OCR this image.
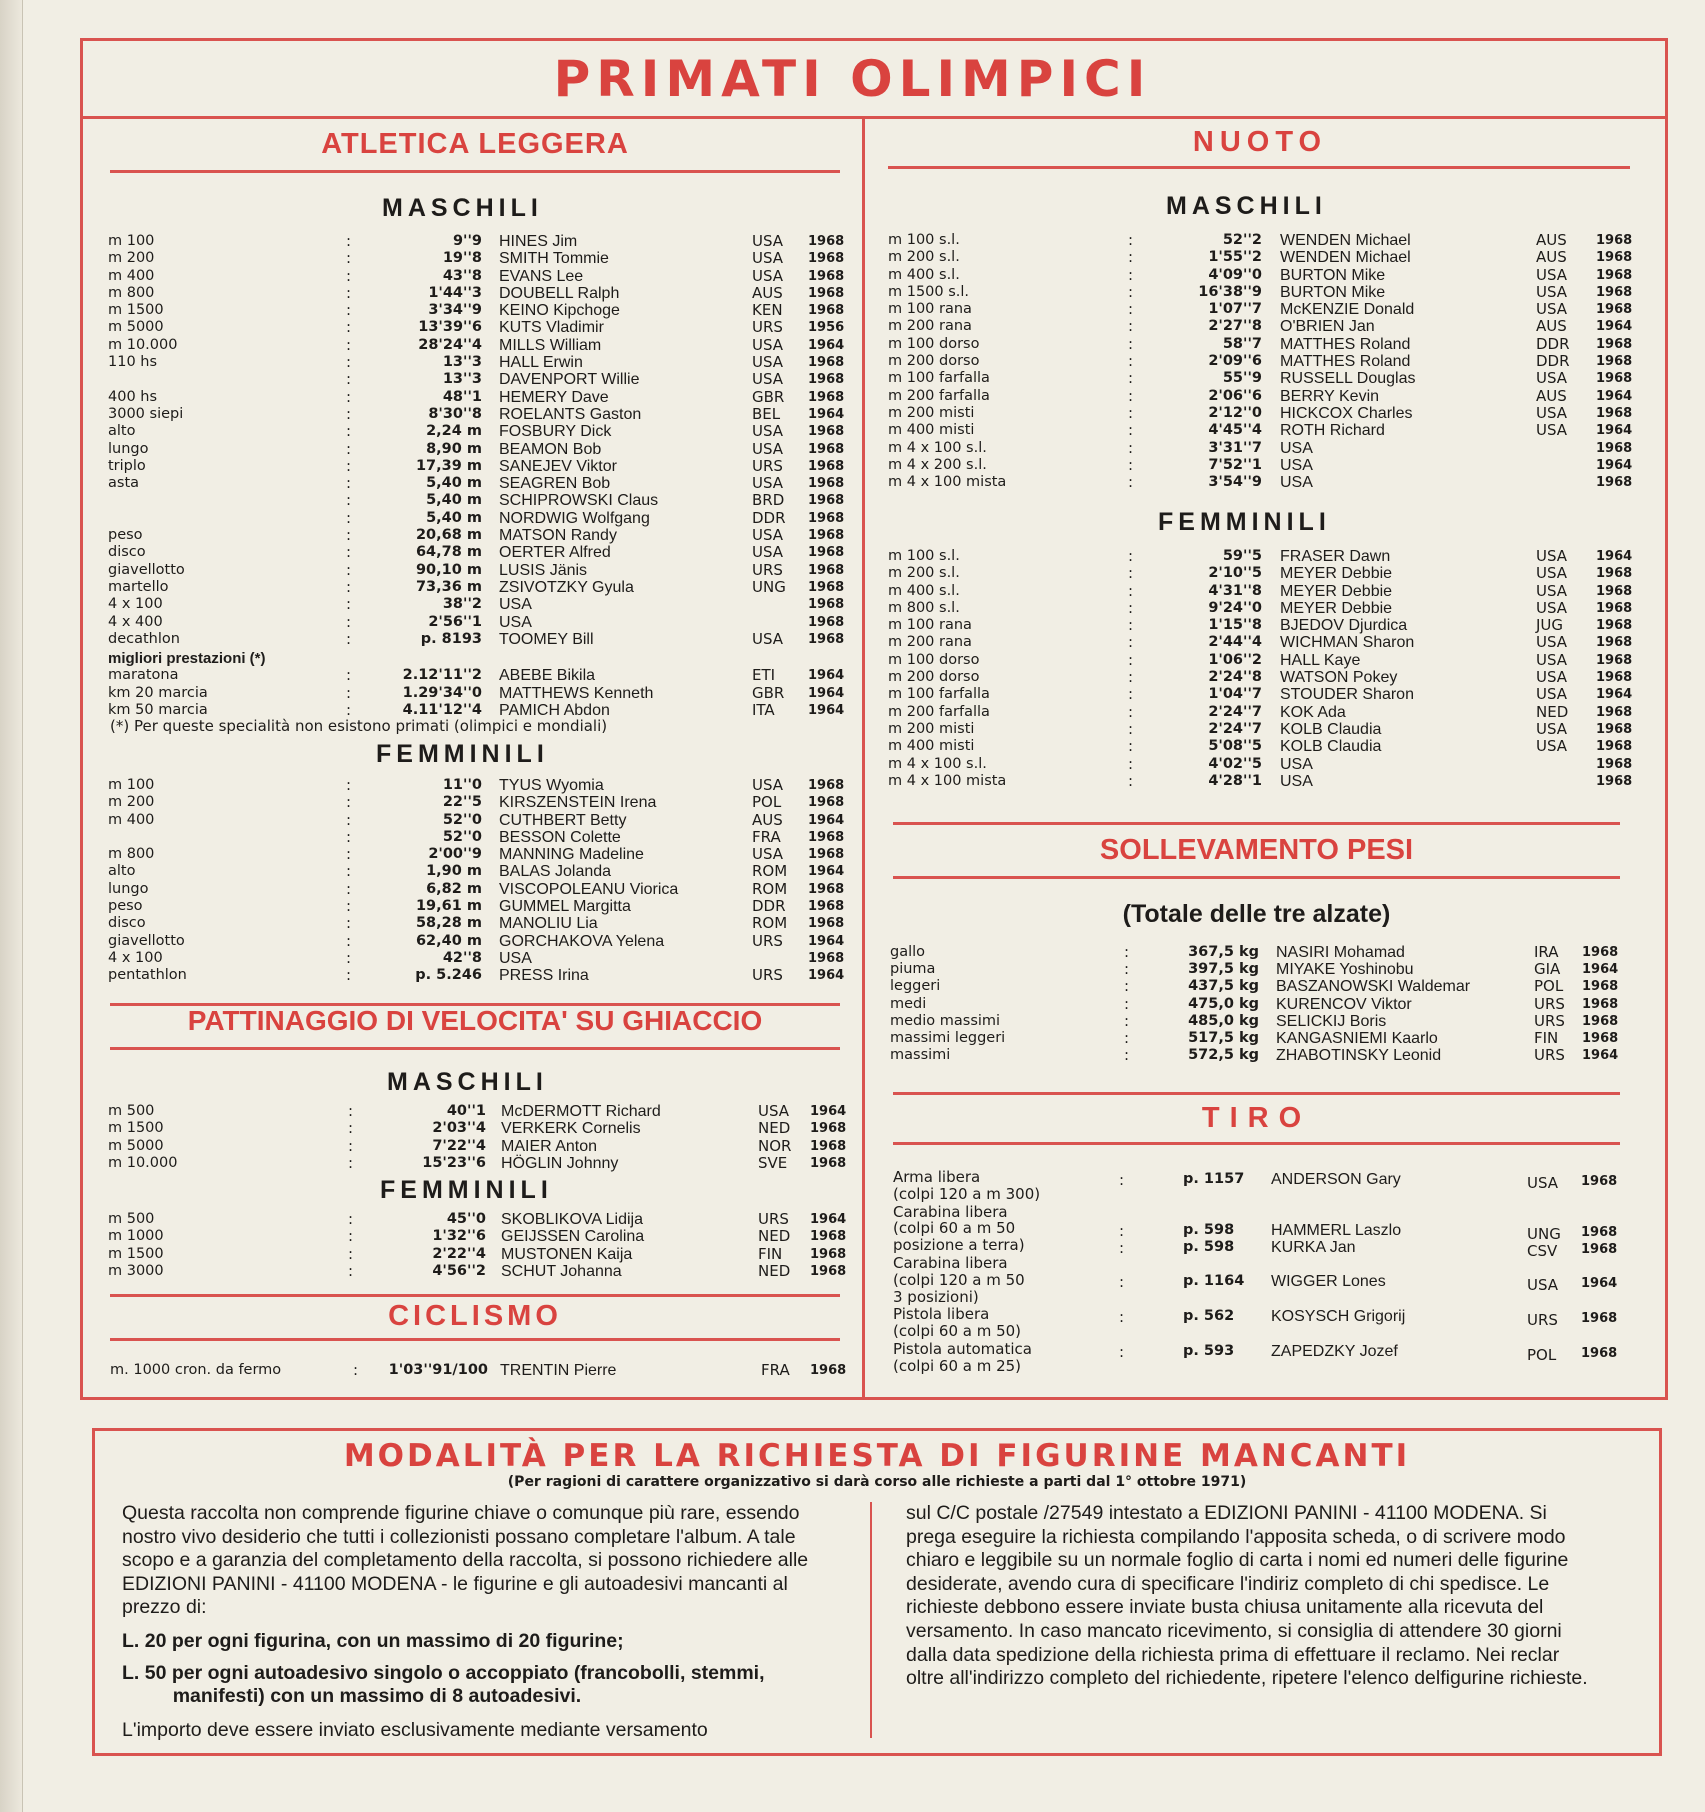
PRIMATI OLIMPICI
ATLETICA LEGGERA
MASCHILI
m 100	:	9''9 HINES Jim	USA 1968
m 200	:	19''8 SMITH Tommie	USA 1968
m 400	:	43''8 EVANS Lee	USA 1968
m 800	:	1'44''3 DOUBELL Ralph	AUS 1968
m 1500	:	3'34''9 KEINO Kipchoge	KEN 1968
m 5000	:	13'39''6 KUTS Vladimir	URS 1956
m 10.000	:	28'24''4 MILLS William	USA 1964
110 hs	:	13''3 HALL Erwin	USA 1968
:	13''3 DAVENPORT Willie	USA 1968
400 hs	:	48''1 HEMERY Dave	GBR 1968
3000 siepi	:	8'30''8 ROELANTS Gaston	BEL 1964
alto	:	2,24 m FOSBURY Dick	USA 1968
lungo	:	8,90 m BEAMON Bob	USA 1968
triplo	:	17,39 m SANEJEV Viktor	URS 1968
asta	:	5,40 m SEAGREN Bob	USA 1968
:	5,40 m SCHIPROWSKI Claus	BRD 1968
:	5,40 m NORDWIG Wolfgang	DDR 1968
peso	:	20,68 m MATSON Randy	USA 1968
disco	:	64,78 m OERTER Alfred	USA 1968
giavellotto	:	90,10 m LUSIS Jänis	URS 1968
martello	:	73,36 m ZSIVOTZKY Gyula	UNG 1968
4 x 100	:	38''2 USA	1968
4 x 400	:	2'56''1 USA	1968
decathlon	:	p. 8193 TOOMEY Bill	USA 1968
migliori prestazioni (*)
maratona	:	2.12'11''2 ABEBE Bikila	ETI	1964
km 20 marcia	:	1.29'34''0 MATTHEWS Kenneth	GBR 1964
km 50 marcia	:	4.11'12''4 PAMICH Abdon	ITA	1964
(*) Per queste specialità non esistono primati (olimpici e mondiali)
FEMMINILI
m 100	:	11''0 TYUS Wyomia	USA 1968
m 200	:	22''5 KIRSZENSTEIN Irena	POL 1968
m 400	:	52''0 CUTHBERT Betty	AUS 1964
:	52''0 BESSON Colette	FRA 1968
m 800	:	2'00''9 MANNING Madeline	USA 1968
alto	:	1,90 m BALAS Jolanda	ROM 1964
lungo	:	6,82 m VISCOPOLEANU Viorica	ROM 1968
peso	:	19,61 m GUMMEL Margitta	DDR 1968
disco	:	58,28 m MANOLIU Lia	ROM 1968
giavellotto	:	62,40 m GORCHAKOVA Yelena	URS 1964
4 x 100	:	42''8 USA	1968
pentathlon	:	p. 5.246 PRESS Irina	URS 1964
PATTINAGGIO DI VELOCITA' SU GHIACCIO
MASCHILI
m 500	:	40''1 McDERMOTT Richard	USA 1964
m 1500	:	2'03''4 VERKERK Cornelis	NED 1968
m 5000	:	7'22''4 MAIER Anton	NOR 1968
m 10.000	:	15'23''6 HÖGLIN Johnny	SVE 1968
FEMMINILI
m 500	:	45''0 SKOBLIKOVA Lidija	URS 1964
m 1000	:	1'32''6 GEIJSSEN Carolina	NED 1968
m 1500	:	2'22''4 MUSTONEN Kaija	FIN 1968
m 3000	:	4'56''2 SCHUT Johanna	NED 1968
CICLISMO
m. 1000 cron. da fermo	:	1'03''91/100 TRENTIN Pierre	FRA 1968
NUOTO
MASCHILI
m 100 s.l.	:	52''2 WENDEN Michael	AUS 1968
m 200 s.l.	:	1'55''2 WENDEN Michael	AUS 1968
m 400 s.l.	:	4'09''0 BURTON Mike	USA 1968
m 1500 s.l.	:	16'38''9 BURTON Mike	USA 1968
m 100 rana	:	1'07''7 McKENZIE Donald	USA 1968
m 200 rana	:	2'27''8 O'BRIEN Jan	AUS 1964
m 100 dorso	:	58''7 MATTHES Roland	DDR 1968
m 200 dorso	:	2'09''6 MATTHES Roland	DDR 1968
m 100 farfalla	:	55''9 RUSSELL Douglas	USA 1968
m 200 farfalla	:	2'06''6 BERRY Kevin	AUS 1964
m 200 misti	:	2'12''0 HICKCOX Charles	USA 1968
m 400 misti	:	4'45''4 ROTH Richard	USA 1964
m 4 x 100 s.l.	:	3'31''7 USA	1968
m 4 x 200 s.l.	:	7'52''1 USA	1964
m 4 x 100 mista	:	3'54''9 USA	1968
FEMMINILI
m 100 s.l.	:	59''5 FRASER Dawn	USA 1964
m 200 s.l.	:	2'10''5 MEYER Debbie	USA 1968
m 400 s.l.	:	4'31''8 MEYER Debbie	USA 1968
m 800 s.l.	:	9'24''0 MEYER Debbie	USA 1968
m 100 rana	:	1'15''8 BJEDOV Djurdica	JUG	1968
m 200 rana	:	2'44''4 WICHMAN Sharon	USA 1968
m 100 dorso	:	1'06''2 HALL Kaye	USA 1968
m 200 dorso	:	2'24''8 WATSON Pokey	USA 1968
m 100 farfalla	:	1'04''7 STOUDER Sharon	USA 1964
m 200 farfalla	:	2'24''7 KOK Ada	NED 1968
m 200 misti	:	2'24''7 KOLB Claudia	USA 1968
m 400 misti	:	5'08''5 KOLB Claudia	USA 1968
m 4 x 100 s.l.	:	4'02''5 USA	1968
m 4 x 100 mista	:	4'28''1 USA	1968
SOLLEVAMENTO PESI
(Totale delle tre alzate)
gallo	:	367,5 kg NASIRI Mohamad	IRA 1968
piuma	:	397,5 kg MIYAKE Yoshinobu	GIA 1964
leggeri	:	437,5 kg BASZANOWSKI Waldemar	POL 1968
medi	:	475,0 kg KURENCOV Viktor	URS 1968
medio massimi	:	485,0 kg SELICKIJ Boris	URS 1968
massimi leggeri	:	517,5 kg KANGASNIEMI Kaarlo	FIN 1968
massimi	:	572,5 kg ZHABOTINSKY Leonid	URS 1964
TIRO
Arma libera
(colpi 120 a m 300)
:	p. 1157 ANDERSON Gary	USA 1968
Carabina libera
(colpi 60 a m 50
posizione a terra)
:	p. 598 HAMMERL Laszlo	UNG 1968
:	p. 598 KURKA Jan	CSV 1968
Carabina libera
(colpi 120 a m 50
3 posizioni)
:	p. 1164 WIGGER Lones	USA 1964
Pistola libera
(colpi 60 a m 50)
:	p. 562 KOSYSCH Grigorij	URS 1968
Pistola automatica
(colpi 60 a m 25)
:	p. 593 ZAPEDZKY Jozef	POL 1968
MODALITÀ PER LA RICHIESTA DI FIGURINE MANCANTI
(Per ragioni di carattere organizzativo si darà corso alle richieste a parti dal 1° ottobre 1971)

Questa raccolta non comprende figurine chiave o comunque più rare, essendo nostro vivo desiderio che tutti i collezionisti possano completare l'album. A tale scopo e a garanzia del completamento della raccolta, si possono richiedere alle EDIZIONI PANINI - 41100 MODENA - le figurine e gli autoadesivi mancanti al prezzo di:

L. 20 per ogni figurina, con un massimo di 20 figurine;

L. 50 per ogni autoadesivo singolo o accoppiato (francobolli, stemmi, manifesti) con un massimo di 8 autoadesivi.

L'importo deve essere inviato esclusivamente mediante versamento

sul C/C postale /27549 intestato a EDIZIONI PANINI - 41100 MODENA. Si prega eseguire la richiesta compilando l'apposita scheda, o di scrivere modo chiaro e leggibile su un normale foglio di carta i nomi ed numeri delle figurine desiderate, avendo cura di specificare l'indiriz completo di chi spedisce. Le richieste debbono essere inviate busta chiusa unitamente alla ricevuta del versamento. In caso mancato ricevimento, si consiglia di attendere 30 giorni dalla data spedizione della richiesta prima di effettuare il reclamo. Nei reclar oltre all'indirizzo completo del richiedente, ripetere l'elenco delfigurine richieste.
